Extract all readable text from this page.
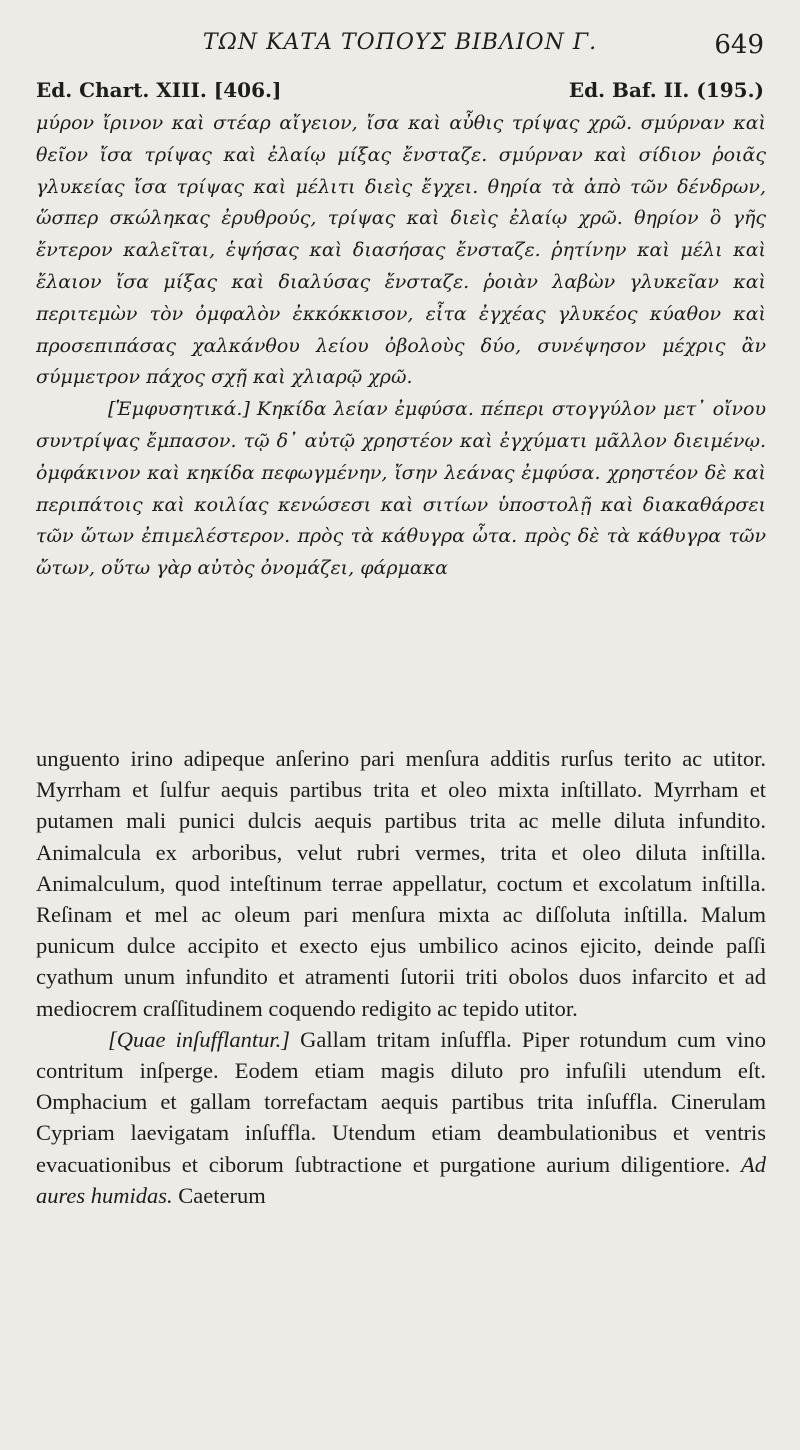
ΤΩΝ ΚΑΤΑ ΤΟΠΟΥΣ ΒΙΒΛΙΟΝ Γ.	649
Ed. Chart. XIII. [406.]	Ed. Baf. II. (195.)

μύρον ἴρινον καὶ στέαρ αἴγειον, ἴσα καὶ αὖθις τρίψας χρῶ. σμύρναν καὶ θεῖον ἴσα τρίψας καὶ ἐλαίῳ μίξας ἔνσταζε. σμύρναν καὶ σίδιον ῥοιᾶς γλυκείας ἴσα τρίψας καὶ μέλιτι διεὶς ἔγχει. θηρία τὰ ἀπὸ τῶν δένδρων, ὥσπερ σκώληκας ἐρυθρούς, τρίψας καὶ διεὶς ἐλαίῳ χρῶ. θηρίον ὃ γῆς ἔντερον καλεῖται, ἑψήσας καὶ διασήσας ἔνσταζε. ῥητίνην καὶ μέλι καὶ ἔλαιον ἴσα μίξας καὶ διαλύσας ἔνσταζε. ῥοιὰν λαβὼν γλυκεῖαν καὶ περιτεμὼν τὸν ὀμφαλὸν ἐκκόκκισον, εἶτα ἐγχέας γλυκέος κύαθον καὶ προσεπιπάσας χαλκάνθου λείου ὀβολοὺς δύο, συνέψησον μέχρις ἂν σύμμετρον πάχος σχῇ καὶ χλιαρῷ χρῶ.

[Ἐμφυσητικά.] Κηκίδα λείαν ἐμφύσα. πέπερι στογγύλον μετ᾽ οἴνου συντρίψας ἔμπασον. τῷ δ᾽ αὐτῷ χρηστέον καὶ ἐγχύματι μᾶλλον διειμένῳ. ὀμφάκινον καὶ κηκίδα πεφωγμένην, ἴσην λεάνας ἐμφύσα. χρηστέον δὲ καὶ περιπάτοις καὶ κοιλίας κενώσεσι καὶ σιτίων ὑποστολῇ καὶ διακαθάρσει τῶν ὤτων ἐπιμελέστερον. πρὸς τὰ κάθυγρα ὦτα. πρὸς δὲ τὰ κάθυγρα τῶν ὤτων, οὕτω γὰρ αὐτὸς ὀνομάζει, φάρμακα

unguento irino adipeque anſerino pari menſura additis rurſus terito ac utitor. Myrrham et ſulfur aequis partibus trita et oleo mixta inſtillato. Myrrham et putamen mali punici dulcis aequis partibus trita ac melle diluta infundito. Animalcula ex arboribus, velut rubri vermes, trita et oleo diluta inſtilla. Animalculum, quod inteſtinum terrae appellatur, coctum et excolatum inſtilla. Reſinam et mel ac oleum pari menſura mixta ac diſſoluta inſtilla. Malum punicum dulce accipito et execto ejus umbilico acinos ejicito, deinde paſſi cyathum unum infundito et atramenti ſutorii triti obolos duos infarcito et ad mediocrem craſſitudinem coquendo redigito ac tepido utitor.

[Quae inſufflantur.] Gallam tritam inſuffla. Piper rotundum cum vino contritum inſperge. Eodem etiam magis diluto pro infuſili utendum eſt. Omphacium et gallam torrefactam aequis partibus trita inſuffla. Cinerulam Cypriam laevigatam inſuffla. Utendum etiam deambulationibus et ventris evacuationibus et ciborum ſubtractione et purgatione aurium diligentiore. Ad aures humidas. Caeterum
